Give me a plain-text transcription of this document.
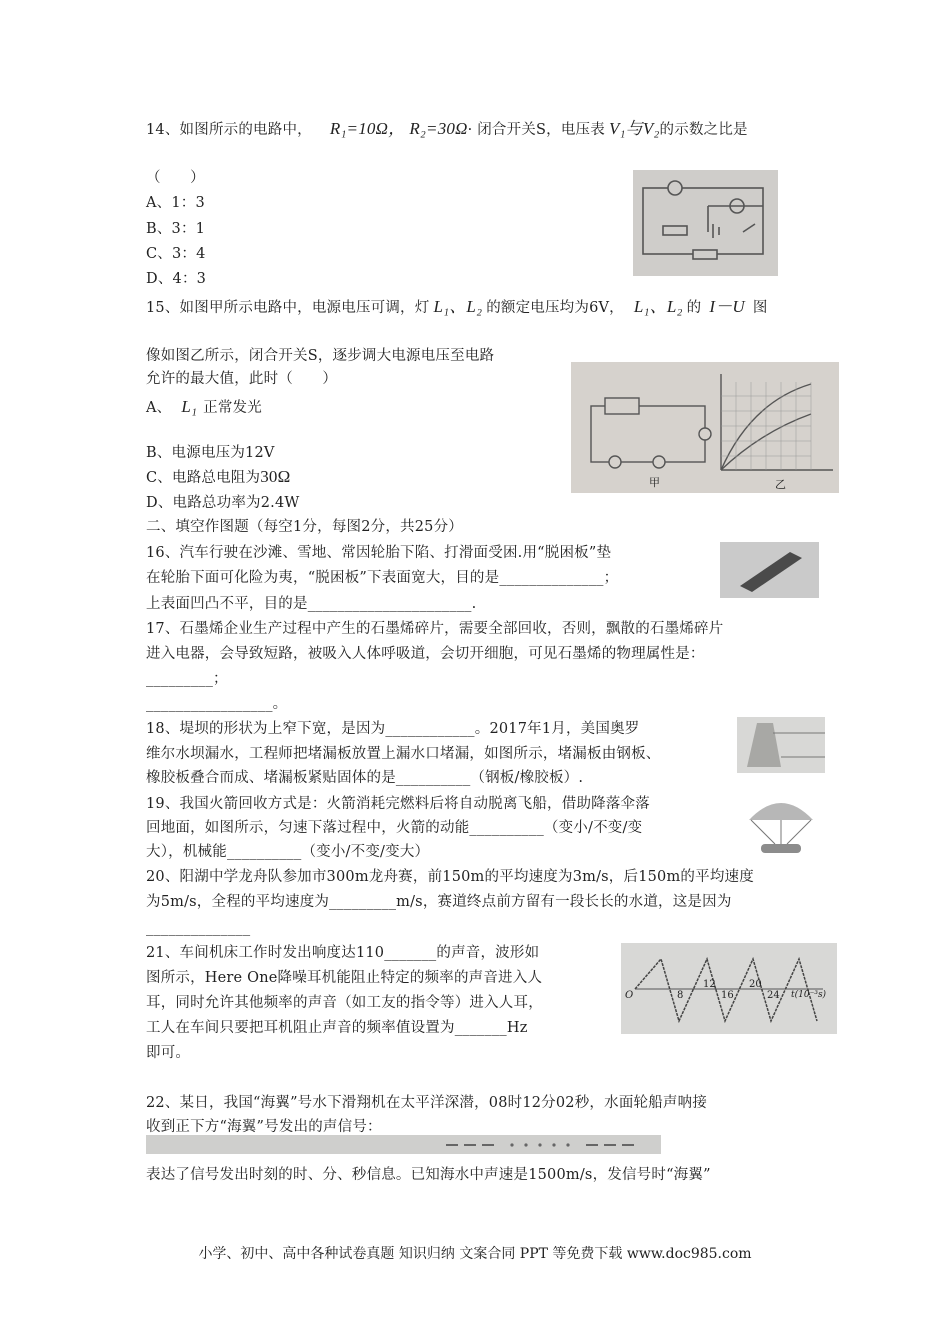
14、如图所示的电路中， R₁=10Ω， R₂=30Ω· 闭合开关S，电压表 V₁与V₂的示数之比是
（　　）
A、1：3
B、3：1
C、3：4
D、4：3
15、如图甲所示电路中，电源电压可调，灯 L₁、L₂ 的额定电压均为6V， L₁、L₂ 的 I－U 图
像如图乙所示，闭合开关S，逐步调大电源电压至电路
允许的最大值，此时（　　）
A、 L₁ 正常发光
B、电源电压为12V
C、电路总电阻为30Ω
D、电路总功率为2.4W
甲	乙
二、填空作图题（每空1分，每图2分，共25分）
16、汽车行驶在沙滩、雪地、常因轮胎下陷、打滑面受困.用“脱困板”垫
在轮胎下面可化险为夷，“脱困板”下表面宽大，目的是______________；
上表面凹凸不平，目的是______________________.
17、石墨烯企业生产过程中产生的石墨烯碎片，需要全部回收，否则，飘散的石墨烯碎片
进入电器，会导致短路，被吸入人体呼吸道，会切开细胞，可见石墨烯的物理属性是：
_________；
_________________。
18、堤坝的形状为上窄下宽，是因为____________。2017年1月，美国奥罗
维尔水坝漏水，工程师把堵漏板放置上漏水口堵漏，如图所示，堵漏板由钢板、
橡胶板叠合而成、堵漏板紧贴固体的是__________（钢板/橡胶板）.
19、我国火箭回收方式是：火箭消耗完燃料后将自动脱离飞船，借助降落伞落
回地面，如图所示，匀速下落过程中，火箭的动能__________（变小/不变/变
大），机械能__________（变小/不变/变大）
20、阳湖中学龙舟队参加市300m龙舟赛，前150m的平均速度为3m/s，后150m的平均速度
为5m/s，全程的平均速度为_________m/s，赛道终点前方留有一段长长的水道，这是因为
______________
21、车间机床工作时发出响度达110_______的声音，波形如
图所示，Here One降噪耳机能阻止特定的频率的声音进入人
耳，同时允许其他频率的声音（如工友的指令等）进入人耳，
工人在车间只要把耳机阻止声音的频率值设置为_______Hz
即可。
O	8
12
16
20
24 t(10⁻³s)
22、某日，我国“海翼”号水下滑翔机在太平洋深潜，08时12分02秒，水面轮船声呐接
收到正下方“海翼”号发出的声信号：
表达了信号发出时刻的时、分、秒信息。已知海水中声速是1500m/s，发信号时“海翼”
小学、初中、高中各种试卷真题 知识归纳 文案合同 PPT 等免费下载 www.doc985.com
